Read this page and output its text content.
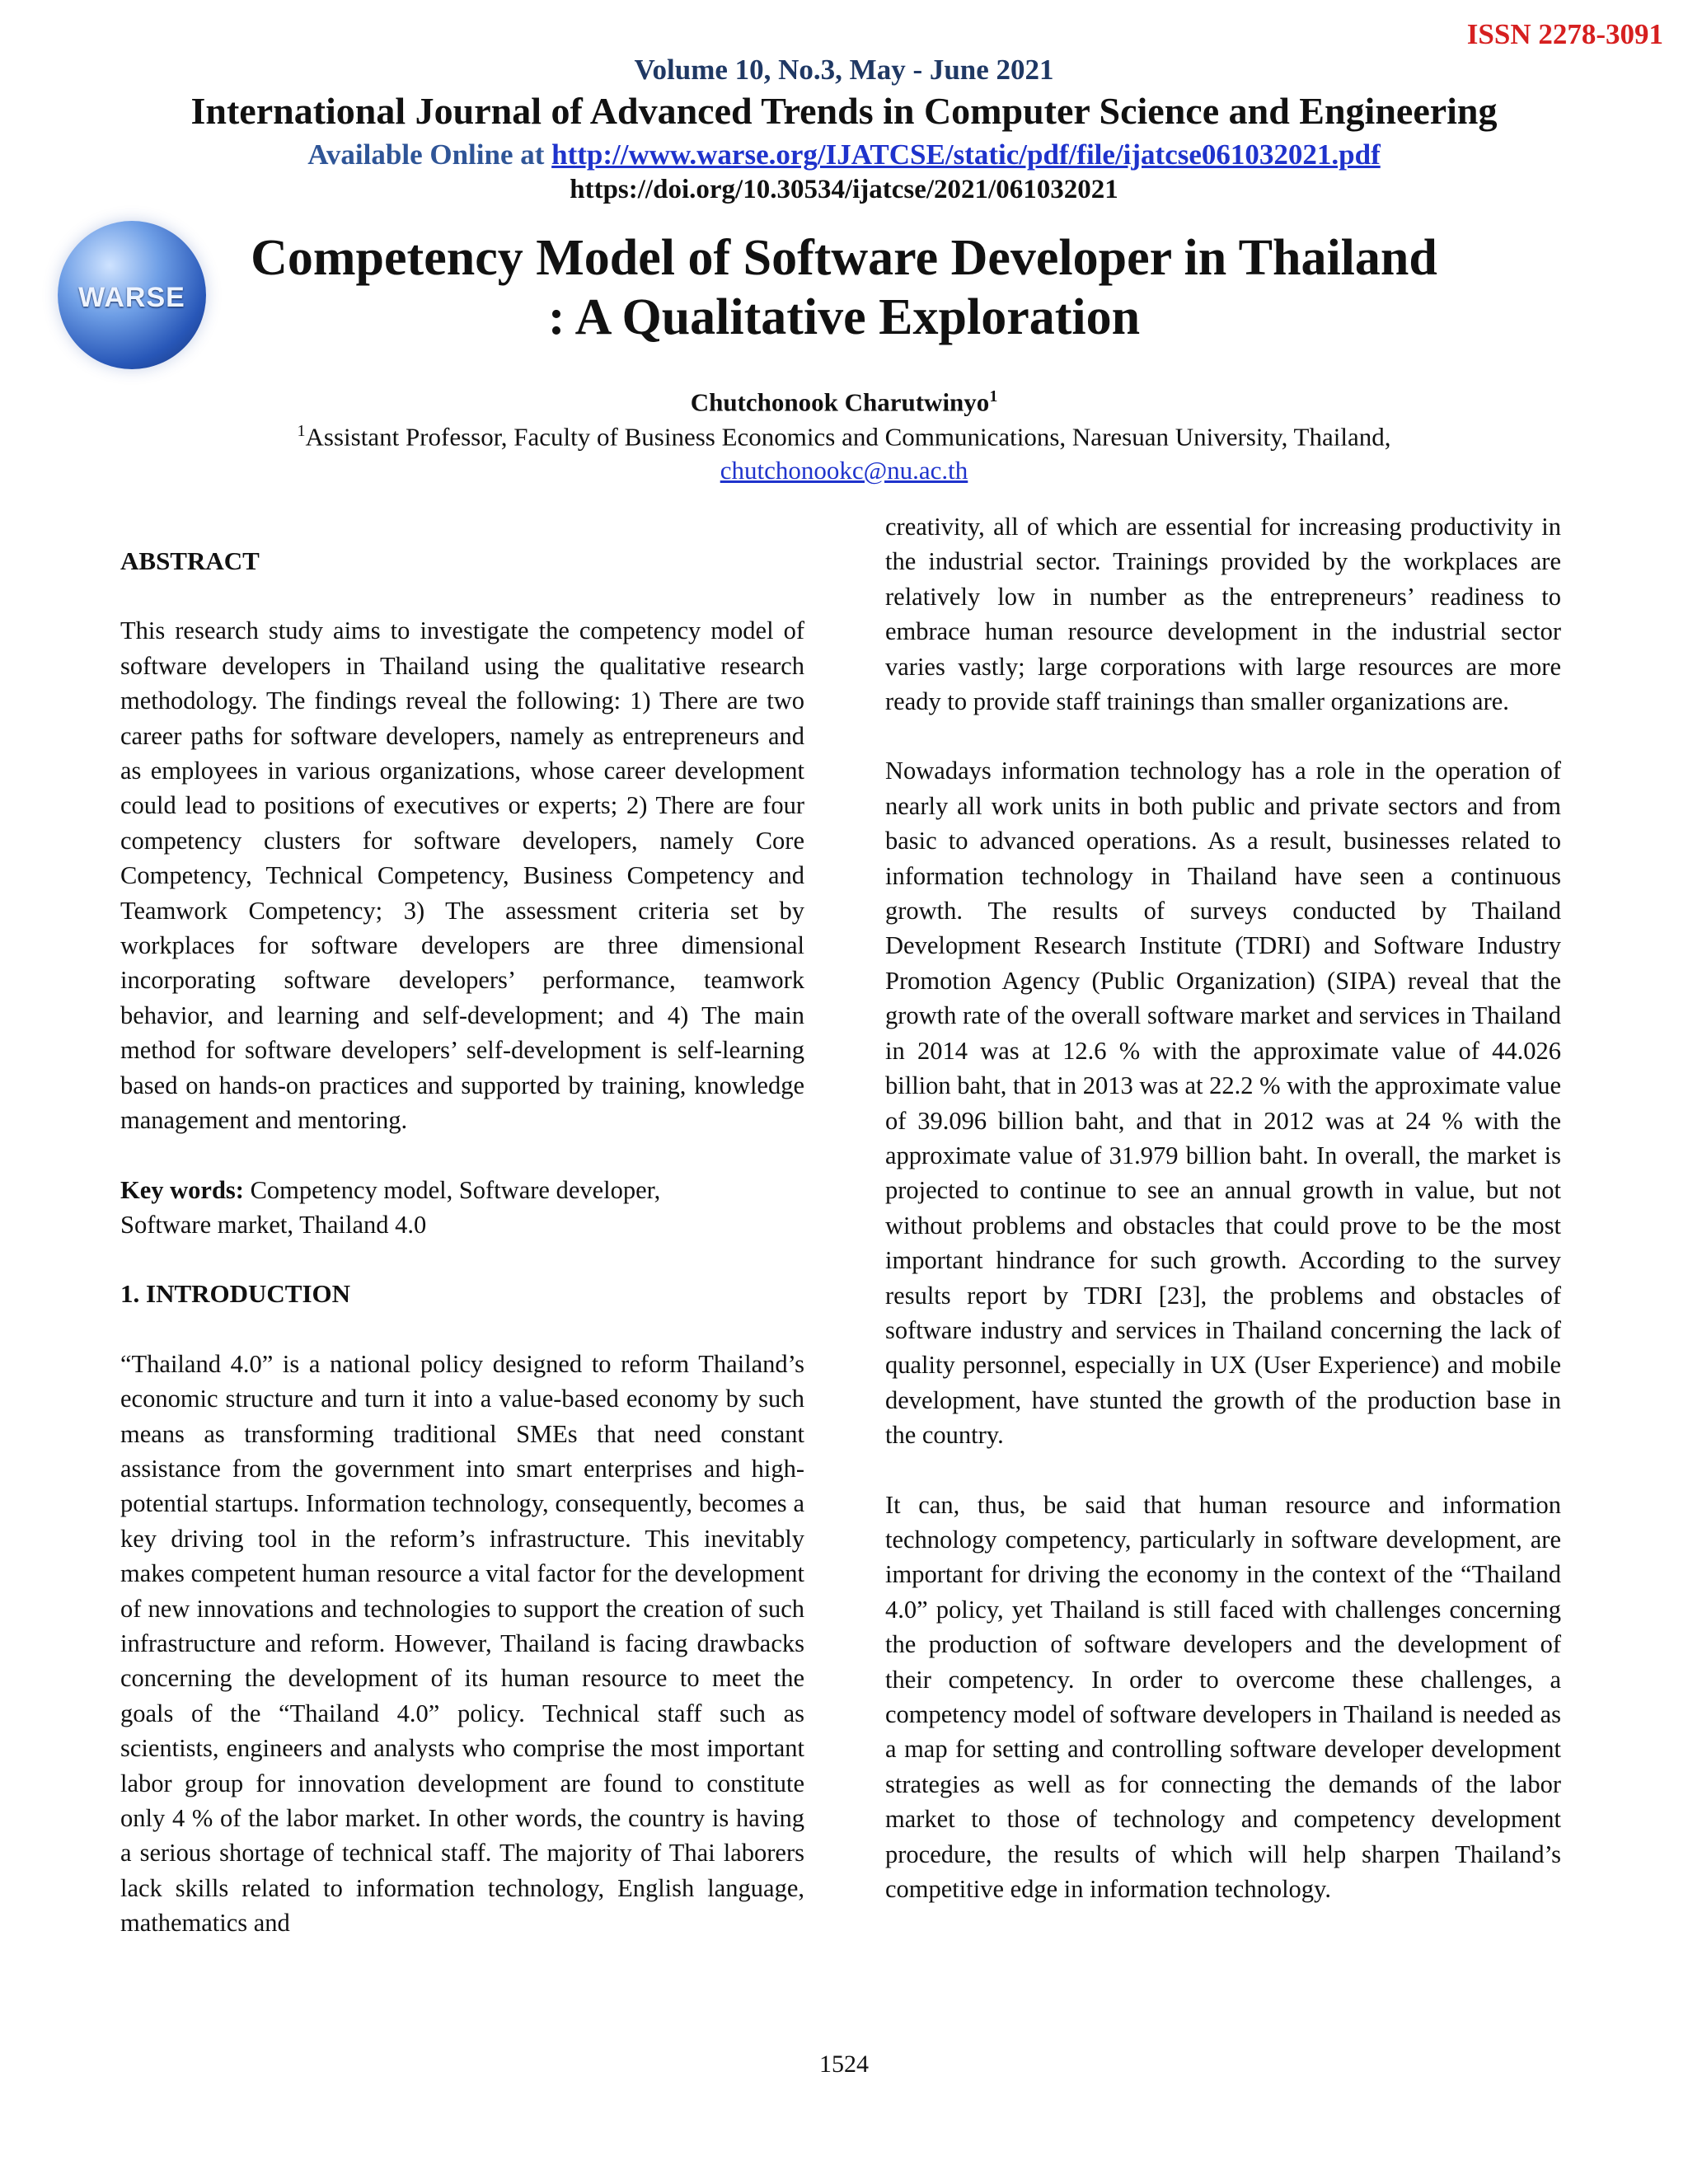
ISSN 2278-3091
Volume 10, No.3, May - June 2021
International Journal of Advanced Trends in Computer Science and Engineering
Available Online at http://www.warse.org/IJATCSE/static/pdf/file/ijatcse061032021.pdf
https://doi.org/10.30534/ijatcse/2021/061032021
WARSE
Competency Model of Software Developer in Thailand
: A Qualitative Exploration
Chutchonook Charutwinyo$^1$
$^1$Assistant Professor, Faculty of Business Economics and Communications, Naresuan University, Thailand,
chutchonookc@nu.ac.th

ABSTRACT

This research study aims to investigate the competency model of software developers in Thailand using the qualitative research methodology. The findings reveal the following: 1) There are two career paths for software developers, namely as entrepreneurs and as employees in various organizations, whose career development could lead to positions of executives or experts; 2) There are four competency clusters for software developers, namely Core Competency, Technical Competency, Business Competency and Teamwork Competency; 3) The assessment criteria set by workplaces for software developers are three dimensional incorporating software developers’ performance, teamwork behavior, and learning and self-development; and 4) The main method for software developers’ self-development is self-learning based on hands-on practices and supported by training, knowledge management and mentoring.

Key words: Competency model, Software developer,
Software market, Thailand 4.0

1. INTRODUCTION

“Thailand 4.0” is a national policy designed to reform Thailand’s economic structure and turn it into a value-based economy by such means as transforming traditional SMEs that need constant assistance from the government into smart enterprises and high-potential startups. Information technology, consequently, becomes a key driving tool in the reform’s infrastructure. This inevitably makes competent human resource a vital factor for the development of new innovations and technologies to support the creation of such infrastructure and reform. However, Thailand is facing drawbacks concerning the development of its human resource to meet the goals of the “Thailand 4.0” policy. Technical staff such as scientists, engineers and analysts who comprise the most important labor group for innovation development are found to constitute only 4 % of the labor market. In other words, the country is having a serious shortage of technical staff. The majority of Thai laborers lack skills related to information technology, English language, mathematics and

creativity, all of which are essential for increasing productivity in the industrial sector. Trainings provided by the workplaces are relatively low in number as the entrepreneurs’ readiness to embrace human resource development in the industrial sector varies vastly; large corporations with large resources are more ready to provide staff trainings than smaller organizations are.

Nowadays information technology has a role in the operation of nearly all work units in both public and private sectors and from basic to advanced operations. As a result, businesses related to information technology in Thailand have seen a continuous growth. The results of surveys conducted by Thailand Development Research Institute (TDRI) and Software Industry Promotion Agency (Public Organization) (SIPA) reveal that the growth rate of the overall software market and services in Thailand in 2014 was at 12.6 % with the approximate value of 44.026 billion baht, that in 2013 was at 22.2 % with the approximate value of 39.096 billion baht, and that in 2012 was at 24 % with the approximate value of 31.979 billion baht. In overall, the market is projected to continue to see an annual growth in value, but not without problems and obstacles that could prove to be the most important hindrance for such growth. According to the survey results report by TDRI [23], the problems and obstacles of software industry and services in Thailand concerning the lack of quality personnel, especially in UX (User Experience) and mobile development, have stunted the growth of the production base in the country.

It can, thus, be said that human resource and information technology competency, particularly in software development, are important for driving the economy in the context of the “Thailand 4.0” policy, yet Thailand is still faced with challenges concerning the production of software developers and the development of their competency. In order to overcome these challenges, a competency model of software developers in Thailand is needed as a map for setting and controlling software developer development strategies as well as for connecting the demands of the labor market to those of technology and competency development procedure, the results of which will help sharpen Thailand’s competitive edge in information technology.

1524
